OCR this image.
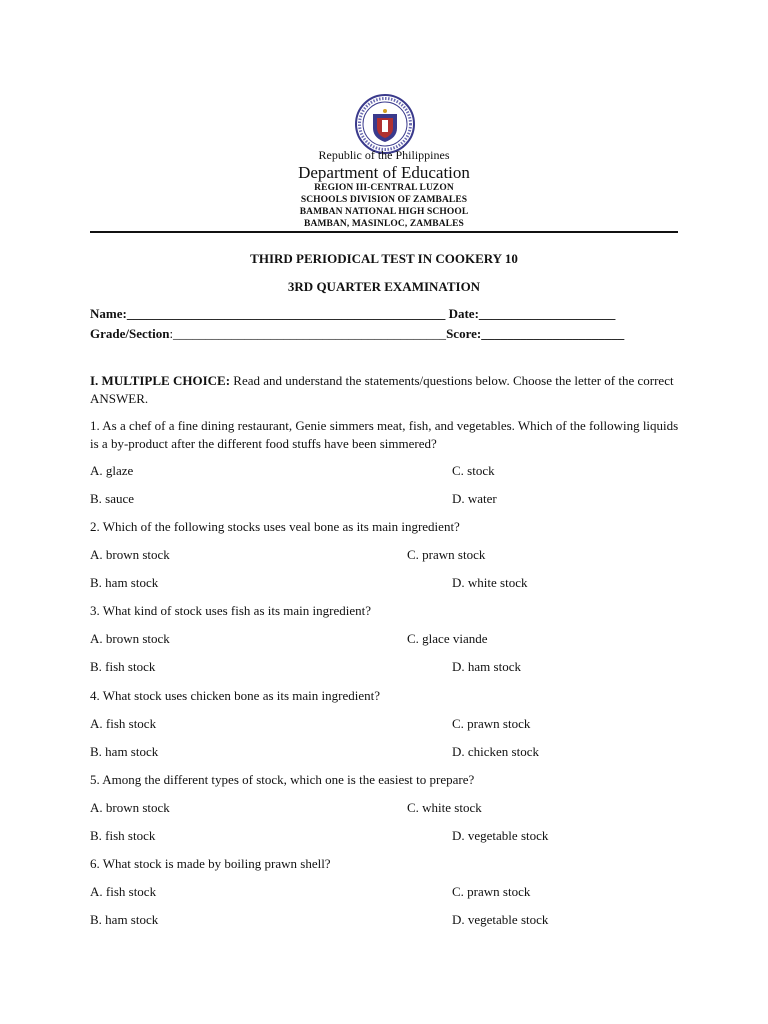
Republic of the Philippines
Department of Education
REGION III-CENTRAL LUZON
SCHOOLS DIVISION OF ZAMBALES
BAMBAN NATIONAL HIGH SCHOOL
BAMBAN, MASINLOC, ZAMBALES
THIRD PERIODICAL TEST IN COOKERY 10
3RD QUARTER EXAMINATION
Name:_________________________________________________ Date:_____________________
Grade/Section:__________________________________________Score:______________________
I. MULTIPLE CHOICE: Read and understand the statements/questions below. Choose the letter of the correct ANSWER.
1. As a chef of a fine dining restaurant, Genie simmers meat, fish, and vegetables. Which of the following liquids is a by-product after the different food stuffs have been simmered?
A. glaze	C. stock
B. sauce	D. water
2. Which of the following stocks uses veal bone as its main ingredient?
A. brown stock	C. prawn stock
B. ham stock	D. white stock
3. What kind of stock uses fish as its main ingredient?
A. brown stock	C. glace viande
B. fish stock	D. ham stock
4. What stock uses chicken bone as its main ingredient?
A. fish stock	C. prawn stock
B. ham stock	D. chicken stock
5. Among the different types of stock, which one is the easiest to prepare?
A. brown stock	C. white stock
B. fish stock	D. vegetable stock
6. What stock is made by boiling prawn shell?
A. fish stock	C. prawn stock
B. ham stock	D. vegetable stock
